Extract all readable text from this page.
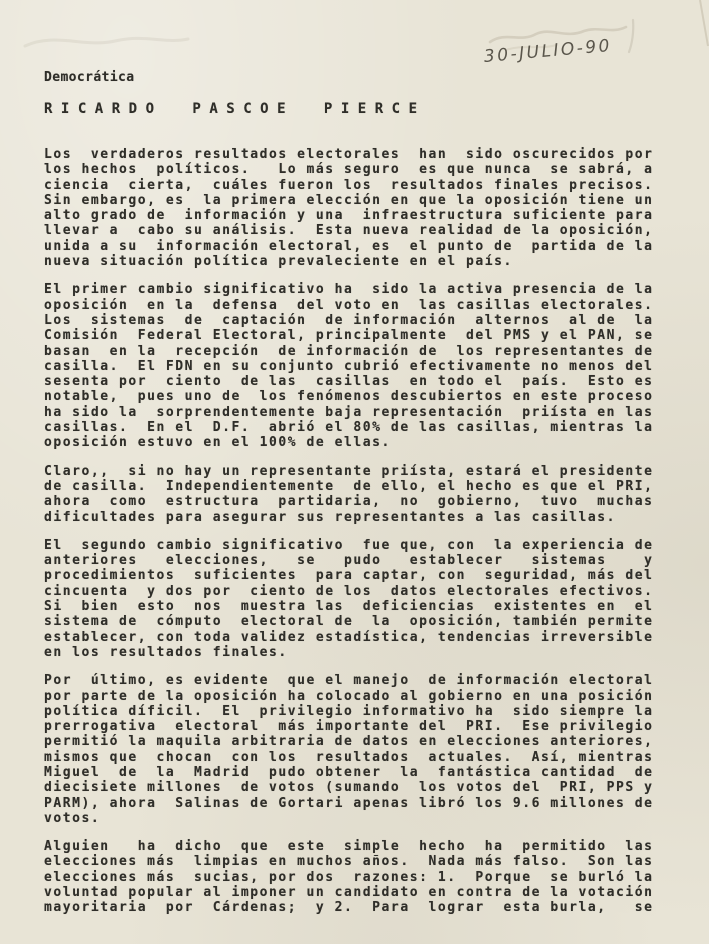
30-JULIO-90
Democrática
RICARDO PASCOE PIERCE
Los  verdaderos resultados electorales  han  sido oscurecidos por
los hechos  políticos.   Lo más seguro  es que nunca  se sabrá, a
ciencia  cierta,  cuáles fueron los  resultados finales precisos.
Sin embargo, es  la primera elección en que la oposición tiene un
alto grado de  información y una  infraestructura suficiente para
llevar a  cabo su análisis.  Esta nueva realidad de la oposición,
unida a su  información electoral, es  el punto de  partida de la
nueva situación política prevaleciente en el país.
El primer cambio significativo ha  sido la activa presencia de la
oposición  en la  defensa  del voto en  las casillas electorales.
Los  sistemas  de  captación  de información  alternos  al de  la
Comisión  Federal Electoral, principalmente  del PMS y el PAN, se
basan  en la  recepción  de información de  los representantes de
casilla.  El FDN en su conjunto cubrió efectivamente no menos del
sesenta por  ciento  de las  casillas  en todo el  país.  Esto es
notable,  pues uno de  los fenómenos descubiertos en este proceso
ha sido la  sorprendentemente baja representación  priísta en las
casillas.  En el  D.F.  abrió el 80% de las casillas, mientras la
oposición estuvo en el 100% de ellas.
Claro,,  si no hay un representante priísta, estará el presidente
de casilla.  Independientemente  de ello, el hecho es que el PRI,
ahora  como  estructura  partidaria,  no  gobierno,  tuvo  muchas
dificultades para asegurar sus representantes a las casillas.
El  segundo cambio significativo  fue que, con  la experiencia de
anteriores   elecciones,   se   pudo   establecer   sistemas    y
procedimientos  suficientes  para captar, con  seguridad, más del
cincuenta  y dos por  ciento de los  datos electorales efectivos.
Si  bien  esto  nos  muestra las  deficiencias  existentes en  el
sistema de  cómputo  electoral de  la  oposición, también permite
establecer, con toda validez estadística, tendencias irreversible
en los resultados finales.
Por  último, es evidente  que el manejo  de información electoral
por parte de la oposición ha colocado al gobierno en una posición
política díficil.  El  privilegio informativo ha  sido siempre la
prerrogativa  electoral  más importante del  PRI.  Ese privilegio
permitió la maquila arbitraria de datos en elecciones anteriores,
mismos que  chocan  con los  resultados  actuales.  Así, mientras
Miguel  de  la  Madrid  pudo obtener  la  fantástica cantidad  de
diecisiete millones  de votos (sumando  los votos del  PRI, PPS y
PARM), ahora  Salinas de Gortari apenas libró los 9.6 millones de
votos.
Alguien   ha  dicho  que  este  simple  hecho  ha  permitido  las
elecciones más  limpias en muchos años.  Nada más falso.  Son las
elecciones más  sucias, por dos  razones: 1.  Porque  se burló la
voluntad popular al imponer un candidato en contra de la votación
mayoritaria  por  Cárdenas;  y 2.  Para  lograr  esta burla,   se
